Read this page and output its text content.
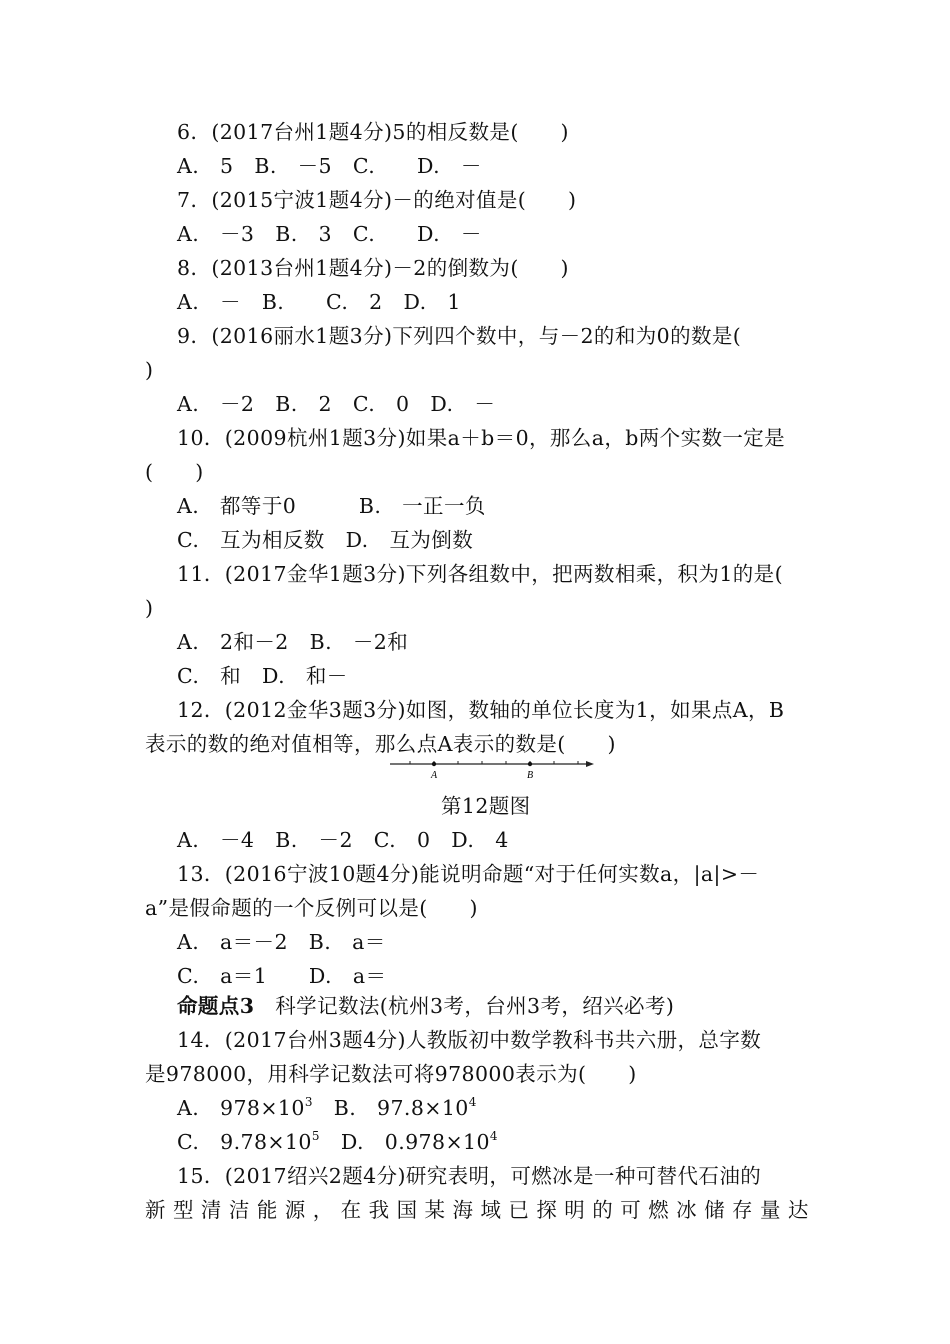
6．(2017台州1题4分)5的相反数是(　　)
A.　5　B.　－5　C.　　D.　－
7．(2015宁波1题4分)－的绝对值是(　　)
A.　－3　B.　3　C.　　D.　－
8．(2013台州1题4分)－2的倒数为(　　)
A.　－　B.　　C.　2　D.　1
9．(2016丽水1题3分)下列四个数中，与－2的和为0的数是(
)
A.　－2　B.　2　C.　0　D.　－
10．(2009杭州1题3分)如果a＋b＝0，那么a，b两个实数一定是
(　　)
A.　都等于0　　　B.　一正一负
C.　互为相反数　D.　互为倒数
11．(2017金华1题3分)下列各组数中，把两数相乘，积为1的是(
)
A.　2和－2　B.　－2和
C.　和　D.　和－
12．(2012金华3题3分)如图，数轴的单位长度为1，如果点A，B
表示的数的绝对值相等，那么点A表示的数是(　　)
A	B
第12题图
A.　－4　B.　－2　C.　0　D.　4
13．(2016宁波10题4分)能说明命题“对于任何实数a，|a|>－
a”是假命题的一个反例可以是(　　)
A.　a＝－2　B.　a＝
C.　a＝1　　D.　a＝
命题点3　科学记数法(杭州3考，台州3考，绍兴必考)
14．(2017台州3题4分)人教版初中数学教科书共六册，总字数
是978000，用科学记数法可将978000表示为(　　)
A.　$978\times 10^3$　B.　$97.8\times 10^4$
C.　$9.78\times 10^5$　D.　$0.978\times 10^4$
15．(2017绍兴2题4分)研究表明，可燃冰是一种可替代石油的
新 型 清 洁 能 源 ， 在 我 国 某 海 域 已 探 明 的 可 燃 冰 储 存 量 达
